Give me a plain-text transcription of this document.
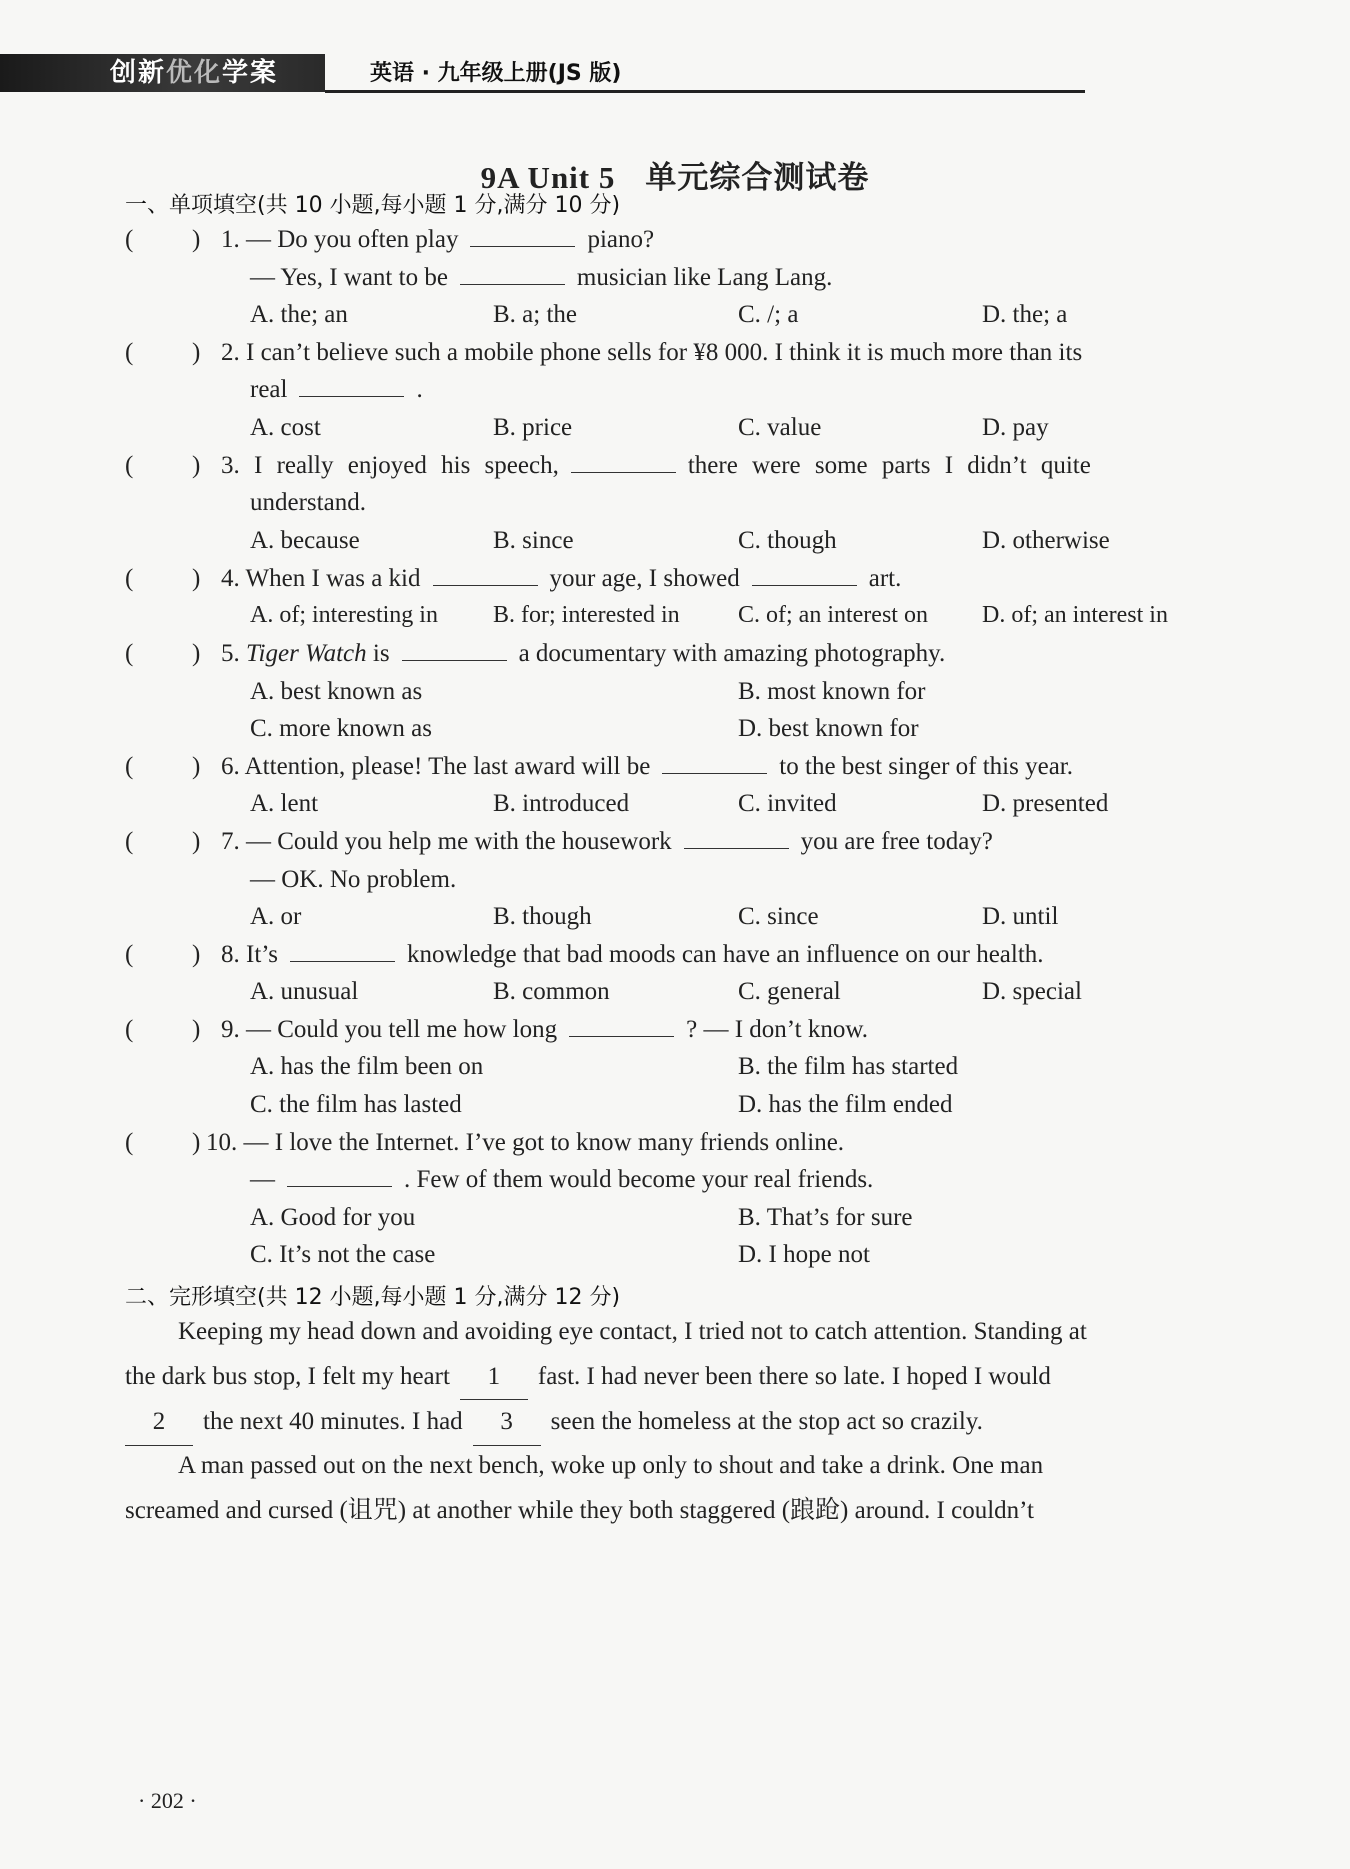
创新优化学案	英语 · 九年级上册(JS 版)
9A Unit 5 单元综合测试卷
一、单项填空(共 10 小题,每小题 1 分,满分 10 分)
( ) 1. — Do you often play	piano?
— Yes, I want to be	musician like Lang Lang.
A. the; an	B. a; the	C. /; a	D. the; a
( ) 2. I can’t believe such a mobile phone sells for ¥8 000. I think it is much more than its
real	.
A. cost	B. price	C. value	D. pay
( ) 3. I really enjoyed his speech,	there were some parts I didn’t quite
understand.
A. because	B. since	C. though	D. otherwise
( ) 4. When I was a kid	your age, I showed	art.
A. of; interesting in B. for; interested in C. of; an interest on D. of; an interest in
( ) 5. Tiger Watch is	a documentary with amazing photography.
A. best known as	B. most known for
C. more known as	D. best known for
( ) 6. Attention, please! The last award will be	to the best singer of this year.
A. lent	B. introduced	C. invited	D. presented
( ) 7. — Could you help me with the housework	you are free today?
— OK. No problem.
A. or	B. though	C. since	D. until
( ) 8. It’s	knowledge that bad moods can have an influence on our health.
A. unusual	B. common	C. general	D. special
( ) 9. — Could you tell me how long	? — I don’t know.
A. has the film been on	B. the film has started
C. the film has lasted	D. has the film ended
( ) 10. — I love the Internet. I’ve got to know many friends online.
—	. Few of them would become your real friends.
A. Good for you	B. That’s for sure
C. It’s not the case	D. I hope not
二、完形填空(共 12 小题,每小题 1 分,满分 12 分)
Keeping my head down and avoiding eye contact, I tried not to catch attention. Standing at
the dark bus stop, I felt my heart 1 fast. I had never been there so late. I hoped I would
2 the next 40 minutes. I had 3 seen the homeless at the stop act so crazily.
A man passed out on the next bench, woke up only to shout and take a drink. One man
screamed and cursed (诅咒) at another while they both staggered (踉跄) around. I couldn’t
· 202 ·
